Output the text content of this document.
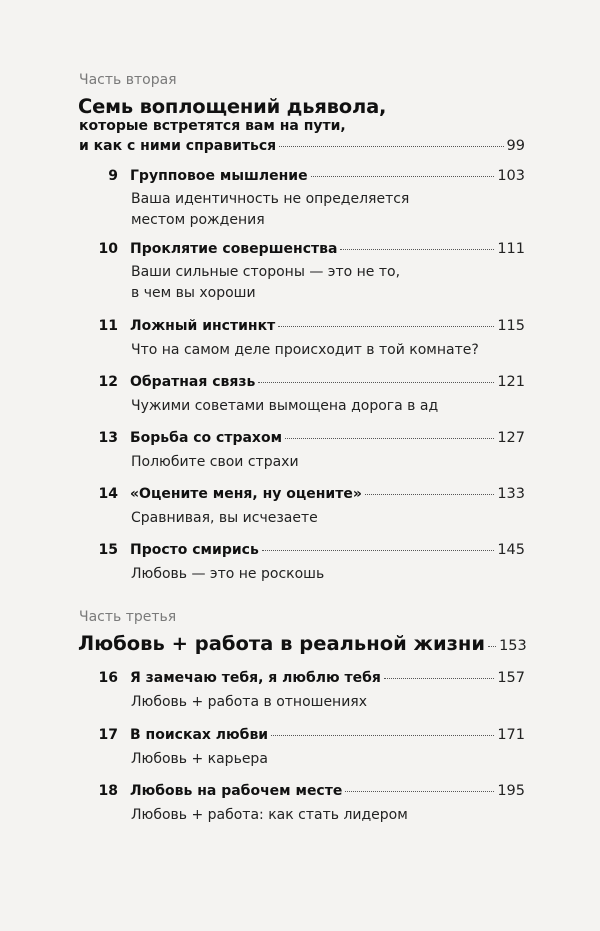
Часть вторая
Семь воплощений дьявола,
которые встретятся вам на пути,
и как с ними справиться	99
9 Групповое мышление	103
Ваша идентичность не определяется
местом рождения
10 Проклятие совершенства	111
Ваши сильные стороны — это не то,
в чем вы хороши
11 Ложный инстинкт	115
Что на самом деле происходит в той комнате?
12 Обратная связь	121
Чужими советами вымощена дорога в ад
13 Борьба со страхом	127
Полюбите свои страхи
14 «Оцените меня, ну оцените»	133
Сравнивая, вы исчезаете
15 Просто смирись	145
Любовь — это не роскошь
Часть третья
Любовь + работа в реальной жизни 153
16 Я замечаю тебя, я люблю тебя	157
Любовь + работа в отношениях
17 В поисках любви	171
Любовь + карьера
18 Любовь на рабочем месте	195
Любовь + работа: как стать лидером
